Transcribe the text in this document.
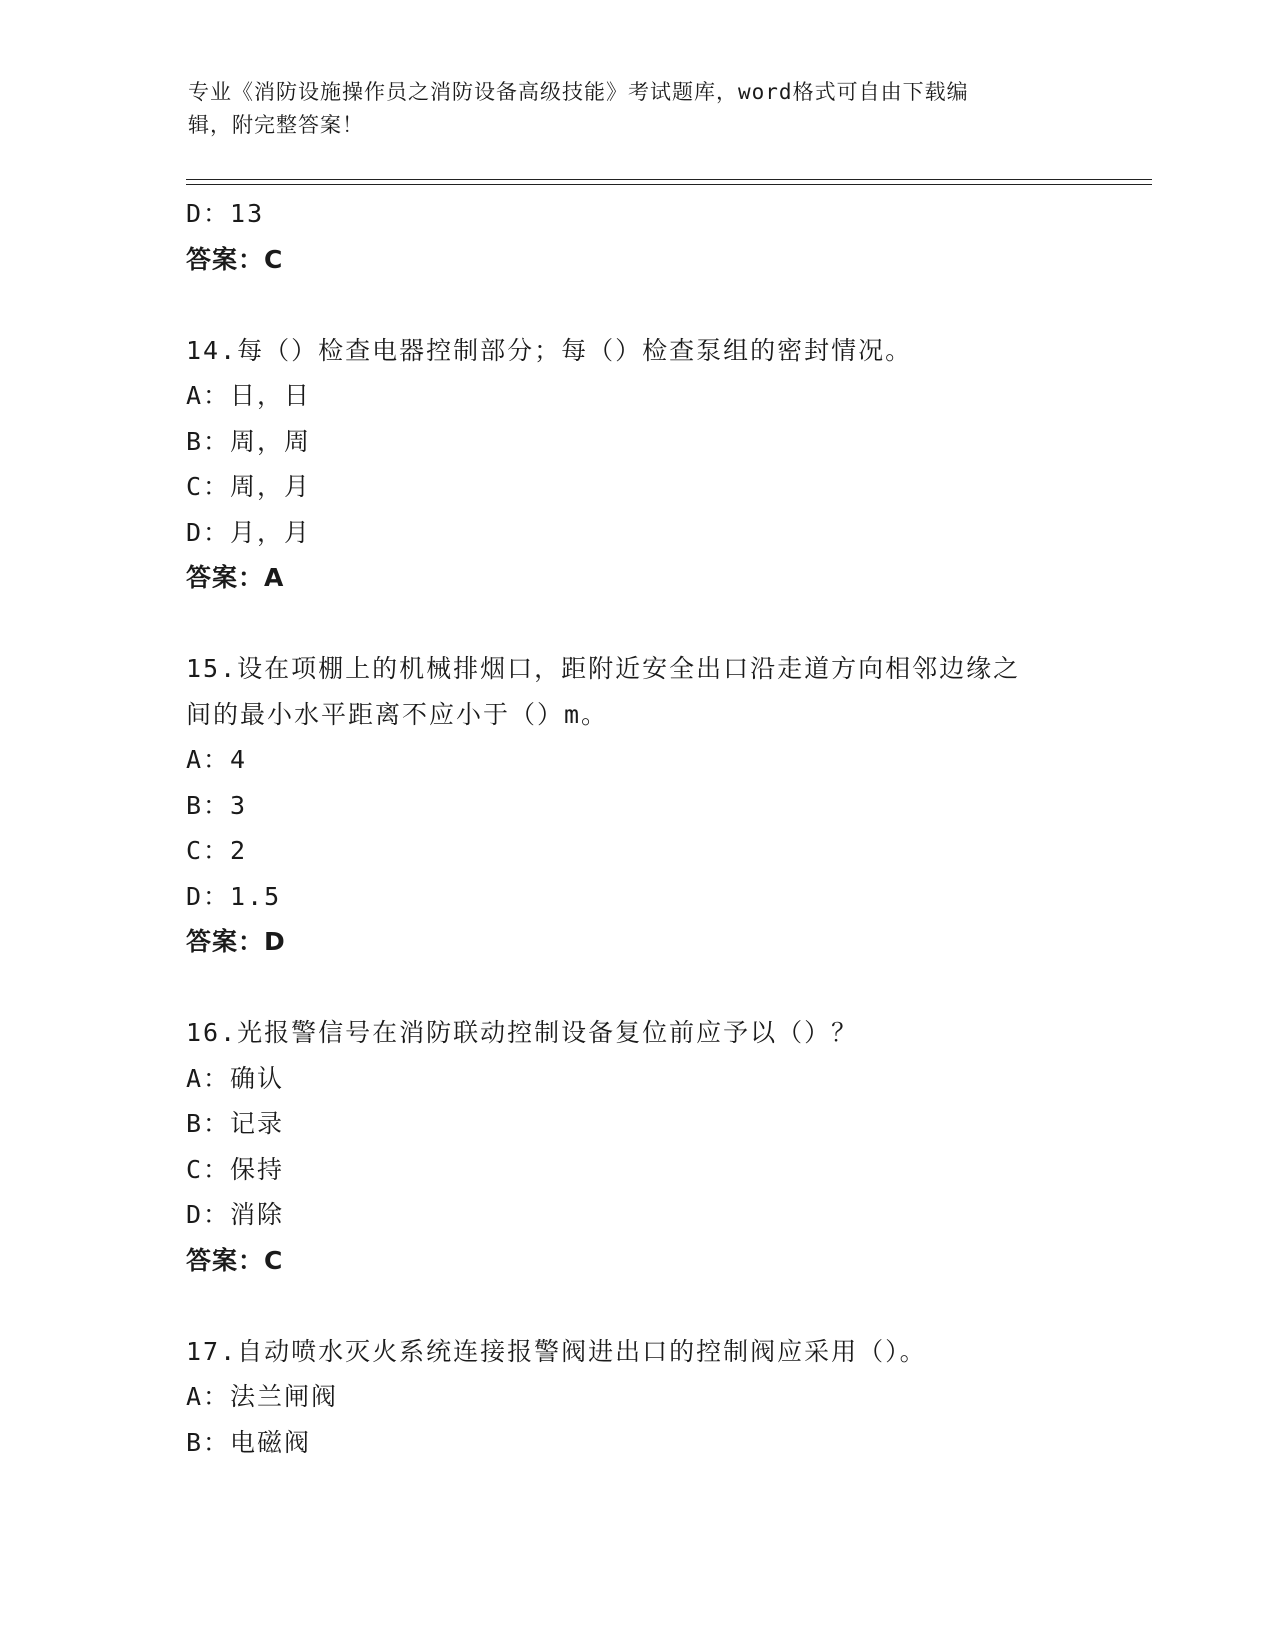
专业《消防设施操作员之消防设备高级技能》考试题库，word格式可自由下载编
辑，附完整答案！
D：13
答案：C
14.每（）检查电器控制部分；每（）检查泵组的密封情况。
A：日，日
B：周，周
C：周，月
D：月，月
答案：A
15.设在项棚上的机械排烟口，距附近安全出口沿走道方向相邻边缘之
间的最小水平距离不应小于（）m。
A：4
B：3
C：2
D：1.5
答案：D
16.光报警信号在消防联动控制设备复位前应予以（）？
A：确认
B：记录
C：保持
D：消除
答案：C
17.自动喷水灭火系统连接报警阀进出口的控制阀应采用（）。
A：法兰闸阀
B：电磁阀
